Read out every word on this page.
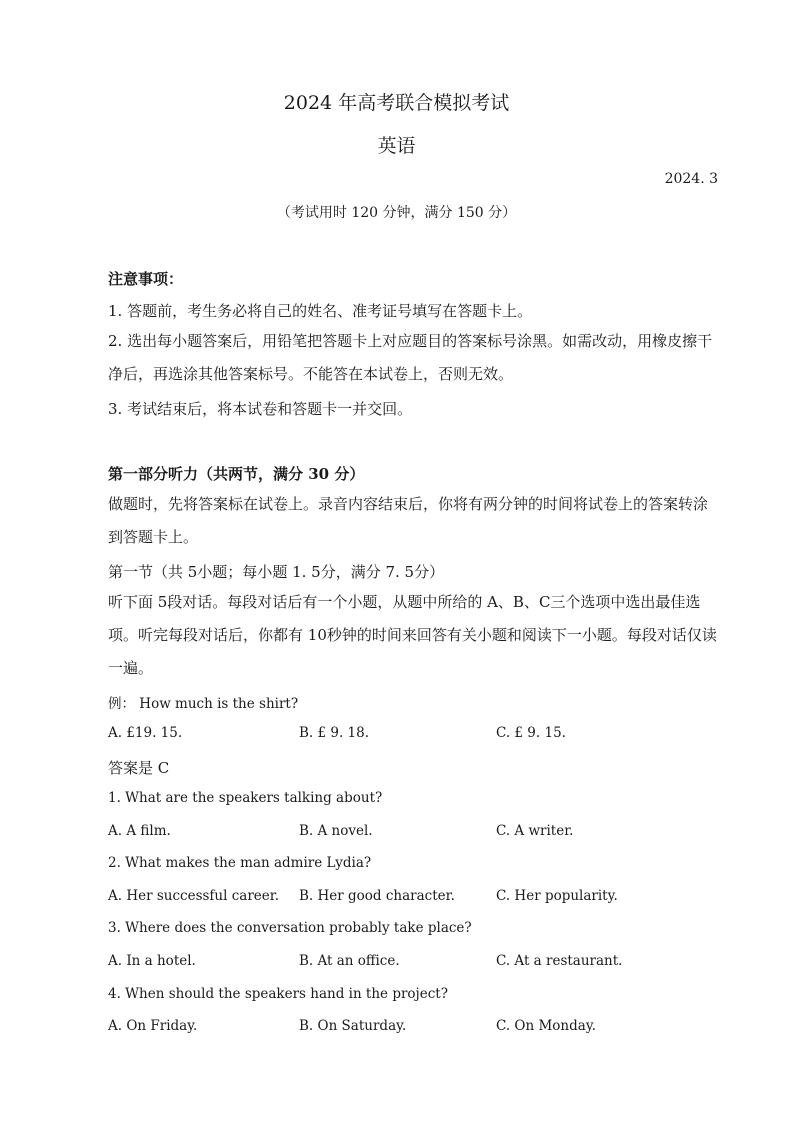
2024 年高考联合模拟考试
英语
2024. 3
（考试用时 120 分钟，满分 150 分）
注意事项：
1. 答题前，考生务必将自己的姓名、准考证号填写在答题卡上。
2. 选出每小题答案后，用铅笔把答题卡上对应题目的答案标号涂黑。如需改动，用橡皮擦干净后，再选涂其他答案标号。不能答在本试卷上，否则无效。
3. 考试结束后，将本试卷和答题卡一并交回。
第一部分听力（共两节，满分 30 分）
做题时，先将答案标在试卷上。录音内容结束后，你将有两分钟的时间将试卷上的答案转涂到答题卡上。
第一节（共 5小题；每小题 1. 5分，满分 7. 5分）
听下面 5段对话。每段对话后有一个小题，从题中所给的 A、B、C三个选项中选出最佳选项。听完每段对话后，你都有 10秒钟的时间来回答有关小题和阅读下一小题。每段对话仅读一遍。
例： How much is the shirt?
A. £19. 15.	B. £ 9. 18.	C. £ 9. 15.
答案是 C
1. What are the speakers talking about?
A. A film.	B. A novel.	C. A writer.
2. What makes the man admire Lydia?
A. Her successful career. B. Her good character.	C. Her popularity.
3. Where does the conversation probably take place?
A. In a hotel.	B. At an office.	C. At a restaurant.
4. When should the speakers hand in the project?
A. On Friday.	B. On Saturday.	C. On Monday.
